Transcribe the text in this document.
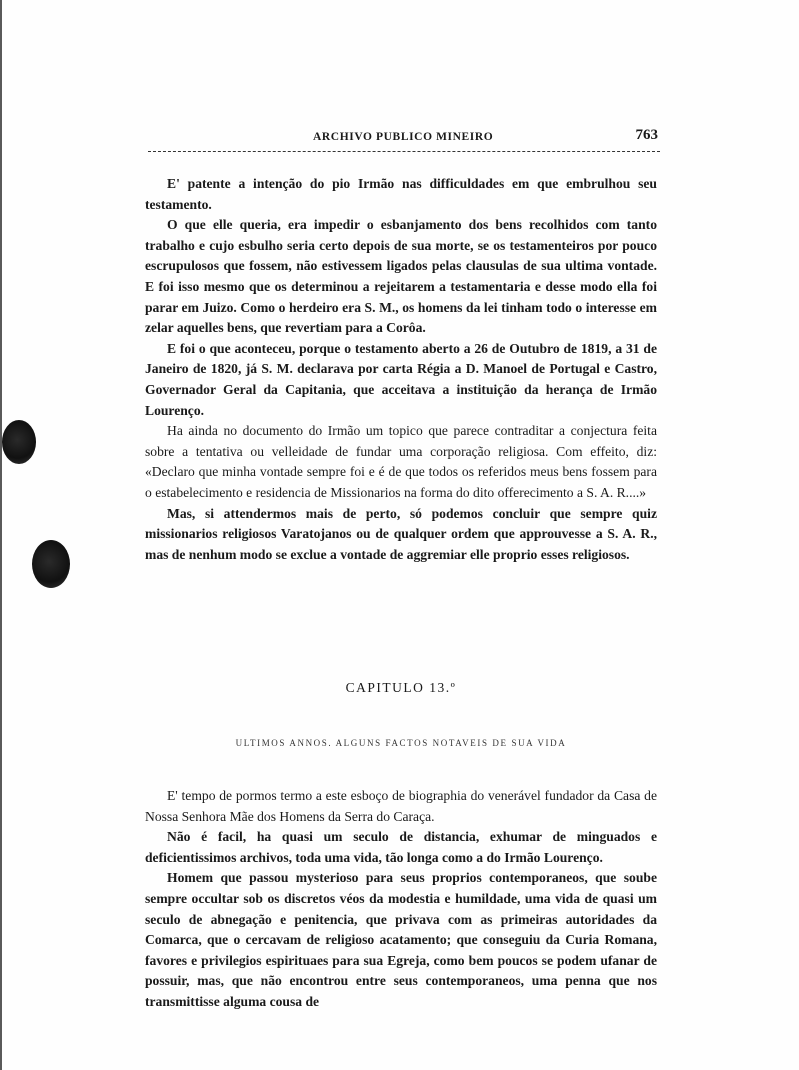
ARCHIVO PUBLICO MINEIRO	763

E' patente a intenção do pio Irmão nas difficuldades em que embrulhou seu testamento.

O que elle queria, era impedir o esbanjamento dos bens recolhidos com tanto trabalho e cujo esbulho seria certo depois de sua morte, se os testamenteiros por pouco escrupulosos que fossem, não estivessem ligados pelas clausulas de sua ultima vontade. E foi isso mesmo que os determinou a rejeitarem a testamentaria e desse modo ella foi parar em Juizo. Como o herdeiro era S. M., os homens da lei tinham todo o interesse em zelar aquelles bens, que revertiam para a Corôa.

E foi o que aconteceu, porque o testamento aberto a 26 de Outubro de 1819, a 31 de Janeiro de 1820, já S. M. declarava por carta Régia a D. Manoel de Portugal e Castro, Governador Geral da Capitania, que acceitava a instituição da herança de Irmão Lourenço.

Ha ainda no documento do Irmão um topico que parece contraditar a conjectura feita sobre a tentativa ou velleidade de fundar uma corporação religiosa. Com effeito, diz: «Declaro que minha vontade sempre foi e é de que todos os referidos meus bens fossem para o estabelecimento e residencia de Missionarios na forma do dito offerecimento a S. A. R....»

Mas, si attendermos mais de perto, só podemos concluir que sempre quiz missionarios religiosos Varatojanos ou de qualquer ordem que approuvesse a S. A. R., mas de nenhum modo se exclue a vontade de aggremiar elle proprio esses religiosos.

CAPITULO 13.º
ULTIMOS ANNOS. ALGUNS FACTOS NOTAVEIS DE SUA VIDA

E' tempo de pormos termo a este esboço de biographia do venerável fundador da Casa de Nossa Senhora Mãe dos Homens da Serra do Caraça.

Não é facil, ha quasi um seculo de distancia, exhumar de minguados e deficientissimos archivos, toda uma vida, tão longa como a do Irmão Lourenço.

Homem que passou mysterioso para seus proprios contemporaneos, que soube sempre occultar sob os discretos véos da modestia e humildade, uma vida de quasi um seculo de abnegação e penitencia, que privava com as primeiras autoridades da Comarca, que o cercavam de religioso acatamento; que conseguiu da Curia Romana, favores e privilegios espirituaes para sua Egreja, como bem poucos se podem ufanar de possuir, mas, que não encontrou entre seus contemporaneos, uma penna que nos transmittisse alguma cousa de
